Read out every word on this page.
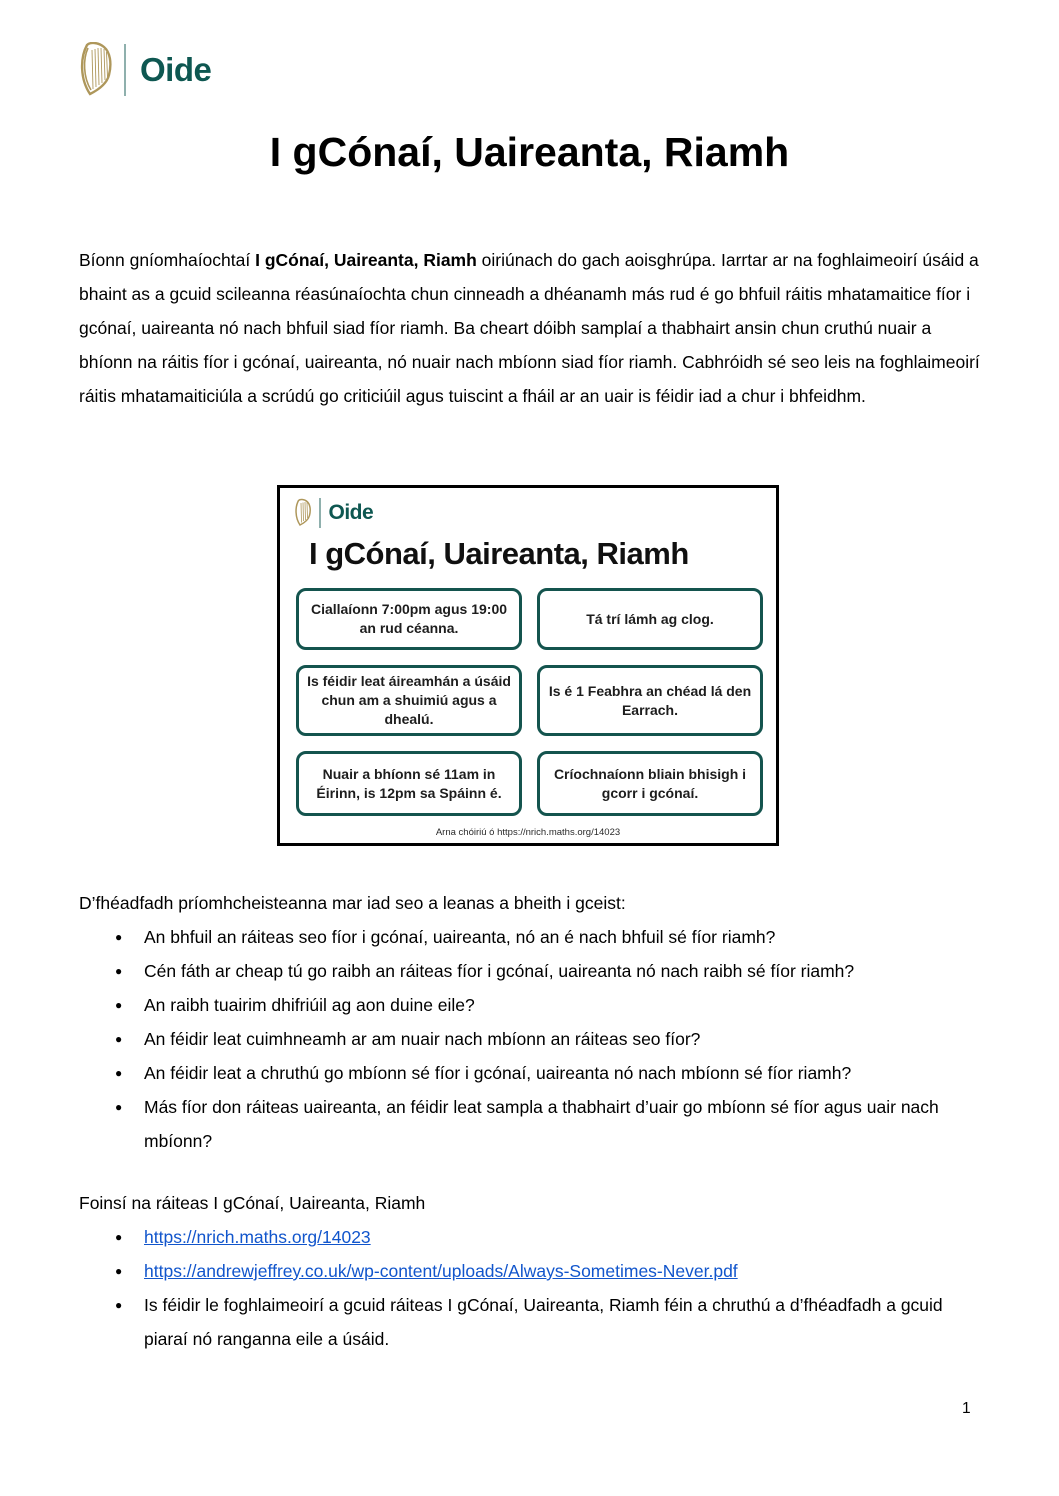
Oide
I gCónaí, Uaireanta, Riamh

Bíonn gníomhaíochtaí I gCónaí, Uaireanta, Riamh oiriúnach do gach aoisghrúpa. Iarrtar ar na foghlaimeoirí úsáid a bhaint as a gcuid scileanna réasúnaíochta chun cinneadh a dhéanamh más rud é go bhfuil ráitis mhatamaitice fíor i gcónaí, uaireanta nó nach bhfuil siad fíor riamh. Ba cheart dóibh samplaí a thabhairt ansin chun cruthú nuair a bhíonn na ráitis fíor i gcónaí, uaireanta, nó nuair nach mbíonn siad fíor riamh. Cabhróidh sé seo leis na foghlaimeoirí ráitis mhatamaiticiúla a scrúdú go criticiúil agus tuiscint a fháil ar an uair is féidir iad a chur i bhfeidhm.

Oide
I gCónaí, Uaireanta, Riamh
Ciallaíonn 7:00pm agus 19:00 an rud céanna.
Tá trí lámh ag clog.
Is féidir leat áireamhán a úsáid chun am a shuimiú agus a dhealú.
Is é 1 Feabhra an chéad lá den Earrach.
Nuair a bhíonn sé 11am in Éirinn, is 12pm sa Spáinn é.
Críochnaíonn bliain bhisigh i gcorr i gcónaí.
Arna chóiriú ó https://nrich.maths.org/14023
D’fhéadfadh príomhcheisteanna mar iad seo a leanas a bheith i gceist:
●	An bhfuil an ráiteas seo fíor i gcónaí, uaireanta, nó an é nach bhfuil sé fíor riamh?
●	Cén fáth ar cheap tú go raibh an ráiteas fíor i gcónaí, uaireanta nó nach raibh sé fíor riamh?
●	An raibh tuairim dhifriúil ag aon duine eile?
●	An féidir leat cuimhneamh ar am nuair nach mbíonn an ráiteas seo fíor?
●	An féidir leat a chruthú go mbíonn sé fíor i gcónaí, uaireanta nó nach mbíonn sé fíor riamh?
●	Más fíor don ráiteas uaireanta, an féidir leat sampla a thabhairt d’uair go mbíonn sé fíor agus uair nach mbíonn?
Foinsí na ráiteas I gCónaí, Uaireanta, Riamh
●	https://nrich.maths.org/14023
●	https://andrewjeffrey.co.uk/wp-content/uploads/Always-Sometimes-Never.pdf
●	Is féidir le foghlaimeoirí a gcuid ráiteas I gCónaí, Uaireanta, Riamh féin a chruthú a d’fhéadfadh a gcuid piaraí nó ranganna eile a úsáid.
1
